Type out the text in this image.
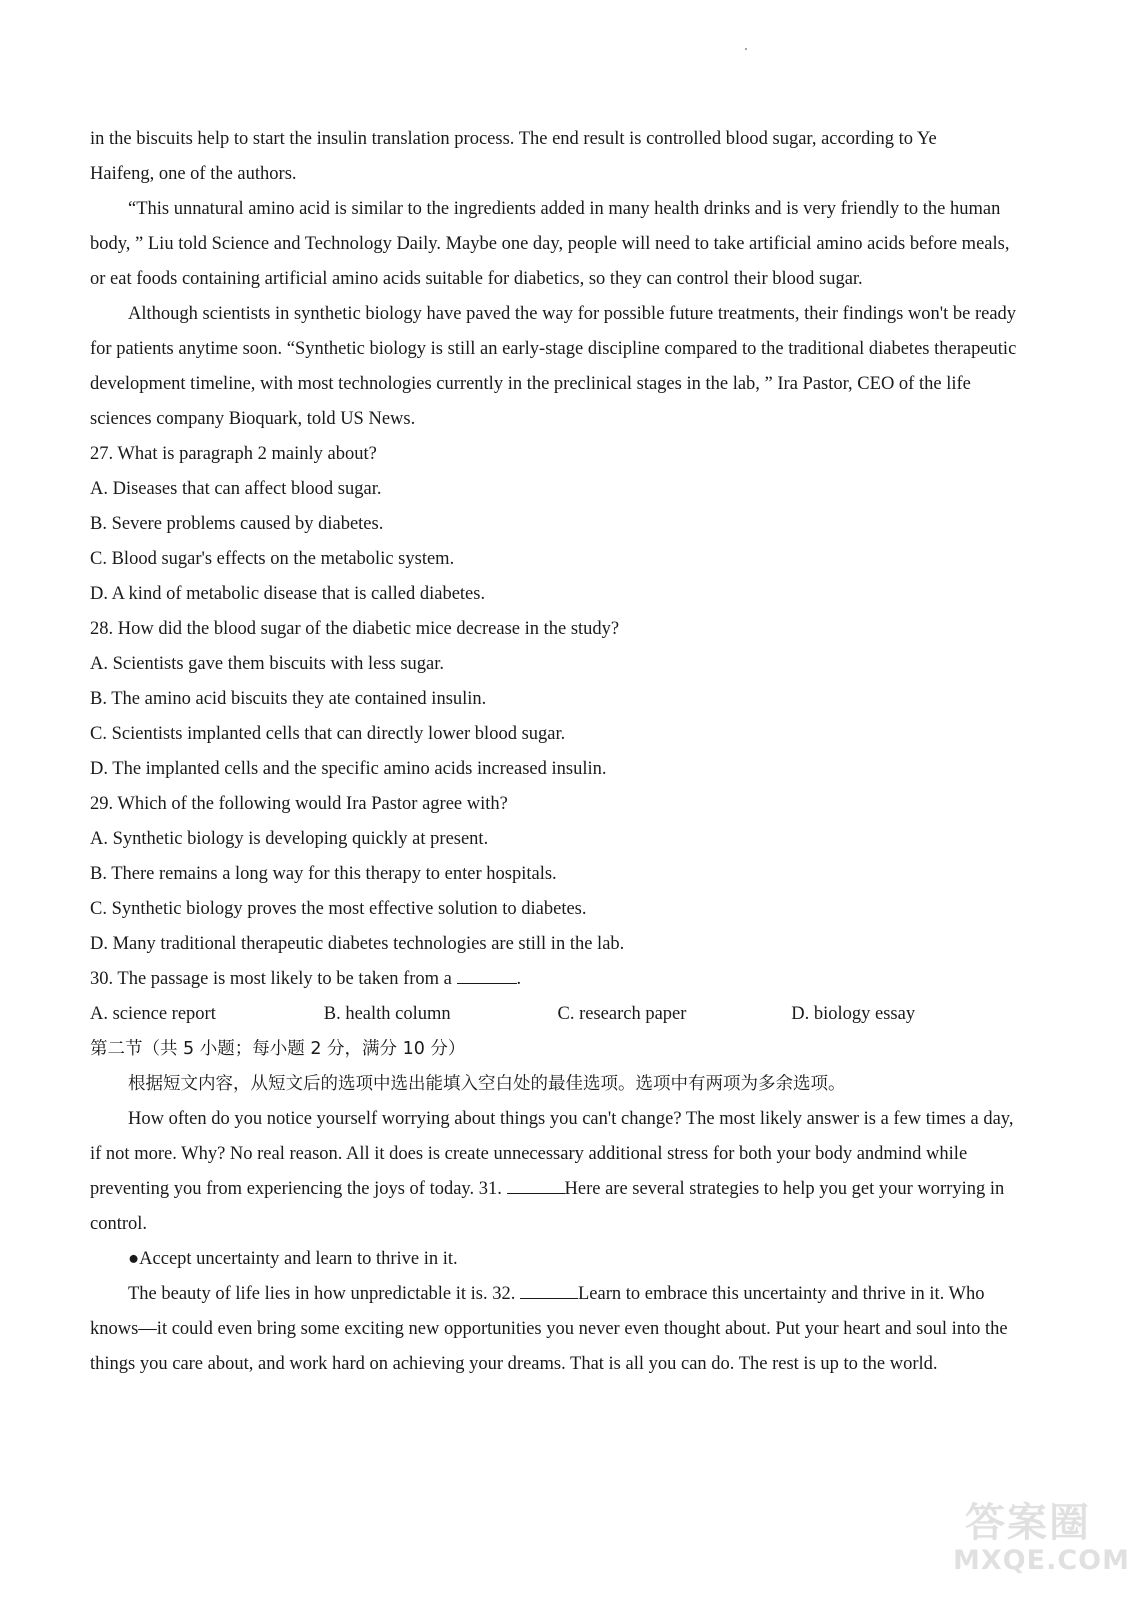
in the biscuits help to start the insulin translation process. The end result is controlled blood sugar, according to Ye

Haifeng, one of the authors.

“This unnatural amino acid is similar to the ingredients added in many health drinks and is very friendly to the human body, ” Liu told Science and Technology Daily. Maybe one day, people will need to take artificial amino acids before meals, or eat foods containing artificial amino acids suitable for diabetics, so they can control their blood sugar.

Although scientists in synthetic biology have paved the way for possible future treatments, their findings won't be ready for patients anytime soon. “Synthetic biology is still an early-stage discipline compared to the traditional diabetes therapeutic development timeline, with most technologies currently in the preclinical stages in the lab, ” Ira Pastor, CEO of the life sciences company Bioquark, told US News.

27. What is paragraph 2 mainly about?

A. Diseases that can affect blood sugar.

B. Severe problems caused by diabetes.

C. Blood sugar's effects on the metabolic system.

D. A kind of metabolic disease that is called diabetes.

28. How did the blood sugar of the diabetic mice decrease in the study?

A. Scientists gave them biscuits with less sugar.

B. The amino acid biscuits they ate contained insulin.

C. Scientists implanted cells that can directly lower blood sugar.

D. The implanted cells and the specific amino acids increased insulin.

29. Which of the following would Ira Pastor agree with?

A. Synthetic biology is developing quickly at present.

B. There remains a long way for this therapy to enter hospitals.

C. Synthetic biology proves the most effective solution to diabetes.

D. Many traditional therapeutic diabetes technologies are still in the lab.

30. The passage is most likely to be taken from a	.

A. science report	B. health column	C. research paper	D. biology essay

第二节（共 5 小题；每小题 2 分，满分 10 分）

根据短文内容，从短文后的选项中选出能填入空白处的最佳选项。选项中有两项为多余选项。

How often do you notice yourself worrying about things you can't change? The most likely answer is a few times a day, if not more. Why? No real reason. All it does is create unnecessary additional stress for both your body andmind while preventing you from experiencing the joys of today. 31.	Here are several strategies to help you get your worrying in control.

●Accept uncertainty and learn to thrive in it.

The beauty of life lies in how unpredictable it is. 32.	Learn to embrace this uncertainty and thrive in it. Who knows—it could even bring some exciting new opportunities you never even thought about. Put your heart and soul into the things you care about, and work hard on achieving your dreams. That is all you can do. The rest is up to the world.

答案圈
MXQE.COM
